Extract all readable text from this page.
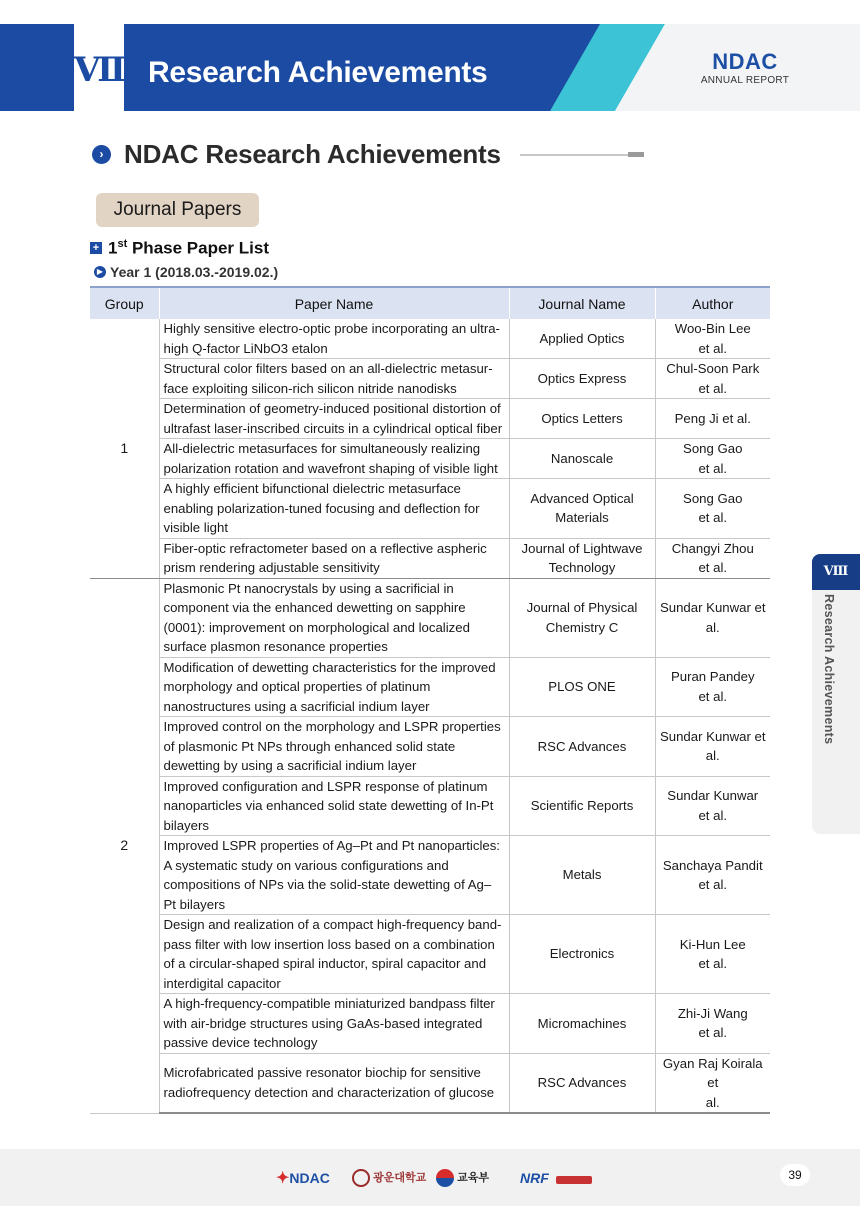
Ⅷ Research Achievements	NDAC
ANNUAL REPORT
› NDAC Research Achievements
Journal Papers
+ 1st Phase Paper List
▶ Year 1 (2018.03.-2019.02.)
Group	Paper Name	Journal Name	Author
1	Highly sensitive electro-optic probe incorporating an ultra-
high Q-factor LiNbO3 etalon	Applied Optics	Woo-Bin Lee
et al.

	Structural color filters based on an all-dielectric metasur-
face exploiting silicon-rich silicon nitride nanodisks	Optics Express	Chul-Soon Park
et al.

	Determination of geometry-induced positional distortion of
ultrafast laser-inscribed circuits in a cylindrical optical fiber	Optics Letters	Peng Ji et al.

	All-dielectric metasurfaces for simultaneously realizing
polarization rotation and wavefront shaping of visible light	Nanoscale	Song Gao
et al.

	A highly efficient bifunctional dielectric metasurface
enabling polarization-tuned focusing and deflection for
visible light	Advanced Optical
Materials	Song Gao
et al.

	Fiber-optic refractometer based on a reflective aspheric
prism rendering adjustable sensitivity	Journal of Lightwave
Technology	Changyi Zhou
et al.

2	Plasmonic Pt nanocrystals by using a sacrificial in
component via the enhanced dewetting on sapphire
(0001): improvement on morphological and localized
surface plasmon resonance properties	Journal of Physical
Chemistry C	Sundar Kunwar et
al.

	Modification of dewetting characteristics for the improved
morphology and optical properties of platinum
nanostructures using a sacrificial indium layer	PLOS ONE	Puran Pandey
et al.

	Improved control on the morphology and LSPR properties
of plasmonic Pt NPs through enhanced solid state
dewetting by using a sacrificial indium layer	RSC Advances	Sundar Kunwar et
al.

	Improved configuration and LSPR response of platinum
nanoparticles via enhanced solid state dewetting of In-Pt
bilayers	Scientific Reports	Sundar Kunwar
et al.

	Improved LSPR properties of Ag–Pt and Pt nanoparticles:
A systematic study on various configurations and
compositions of NPs via the solid-state dewetting of Ag–
Pt bilayers	Metals	Sanchaya Pandit
et al.

	Design and realization of a compact high-frequency band-
pass filter with low insertion loss based on a combination
of a circular-shaped spiral inductor, spiral capacitor and
interdigital capacitor	Electronics	Ki-Hun Lee
et al.

	A high-frequency-compatible miniaturized bandpass filter
with air-bridge structures using GaAs-based integrated
passive device technology	Micromachines	Zhi-Ji Wang
et al.

	Microfabricated passive resonator biochip for sensitive
radiofrequency detection and characterization of glucose	RSC Advances	Gyan Raj Koirala et
al.
Ⅷ
Research Achievements
✦NDAC	광운대학교	교육부 NRF	39
